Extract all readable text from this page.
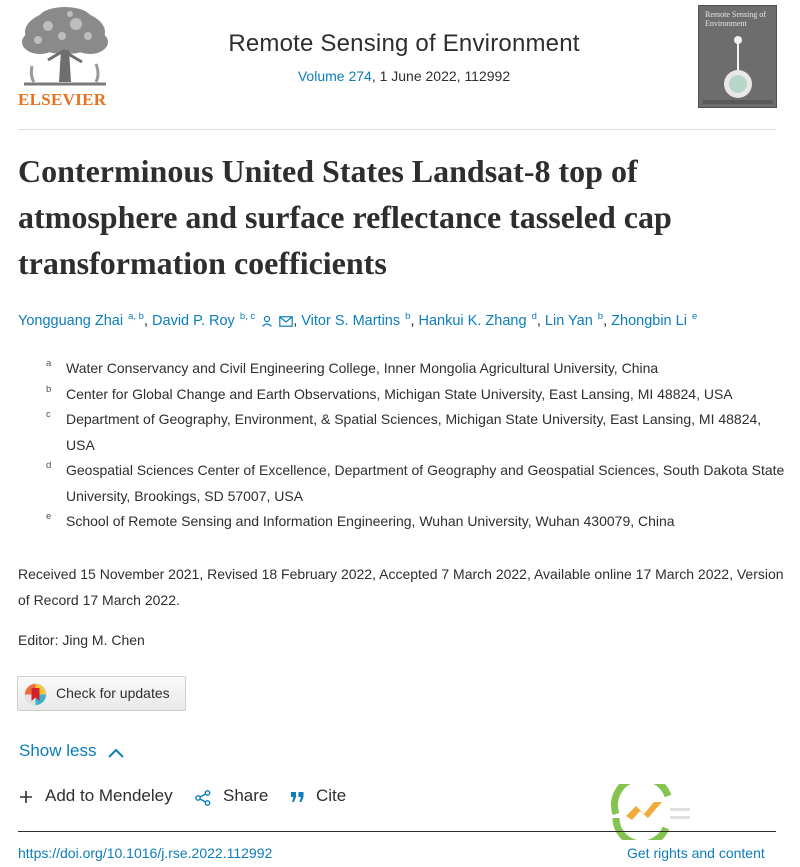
ELSEVIER
Remote Sensing of Environment
Volume 274, 1 June 2022, 112992
Remote Sensing of Environment
Conterminous United States Landsat-8 top of atmosphere and surface reflectance tasseled cap transformation coefficients
Yongguang Zhai $^{a, b}$, David P. Roy $^{b, c}$	, Vitor S. Martins $^b$, Hankui K. Zhang $^d$, Lin Yan $^b$, Zhongbin Li $^e$
a Water Conservancy and Civil Engineering College, Inner Mongolia Agricultural University, China
b Center for Global Change and Earth Observations, Michigan State University, East Lansing, MI 48824, USA
c Department of Geography, Environment, & Spatial Sciences, Michigan State University, East Lansing, MI 48824, USA
d Geospatial Sciences Center of Excellence, Department of Geography and Geospatial Sciences, South Dakota State University, Brookings, SD 57007, USA
e School of Remote Sensing and Information Engineering, Wuhan University, Wuhan 430079, China
Received 15 November 2021, Revised 18 February 2022, Accepted 7 March 2022, Available online 17 March 2022, Version of Record 17 March 2022.
Editor: Jing M. Chen
Check for updates
Show less
Add to Mendeley	Share	Cite
https://doi.org/10.1016/j.rse.2022.112992	Get rights and content
